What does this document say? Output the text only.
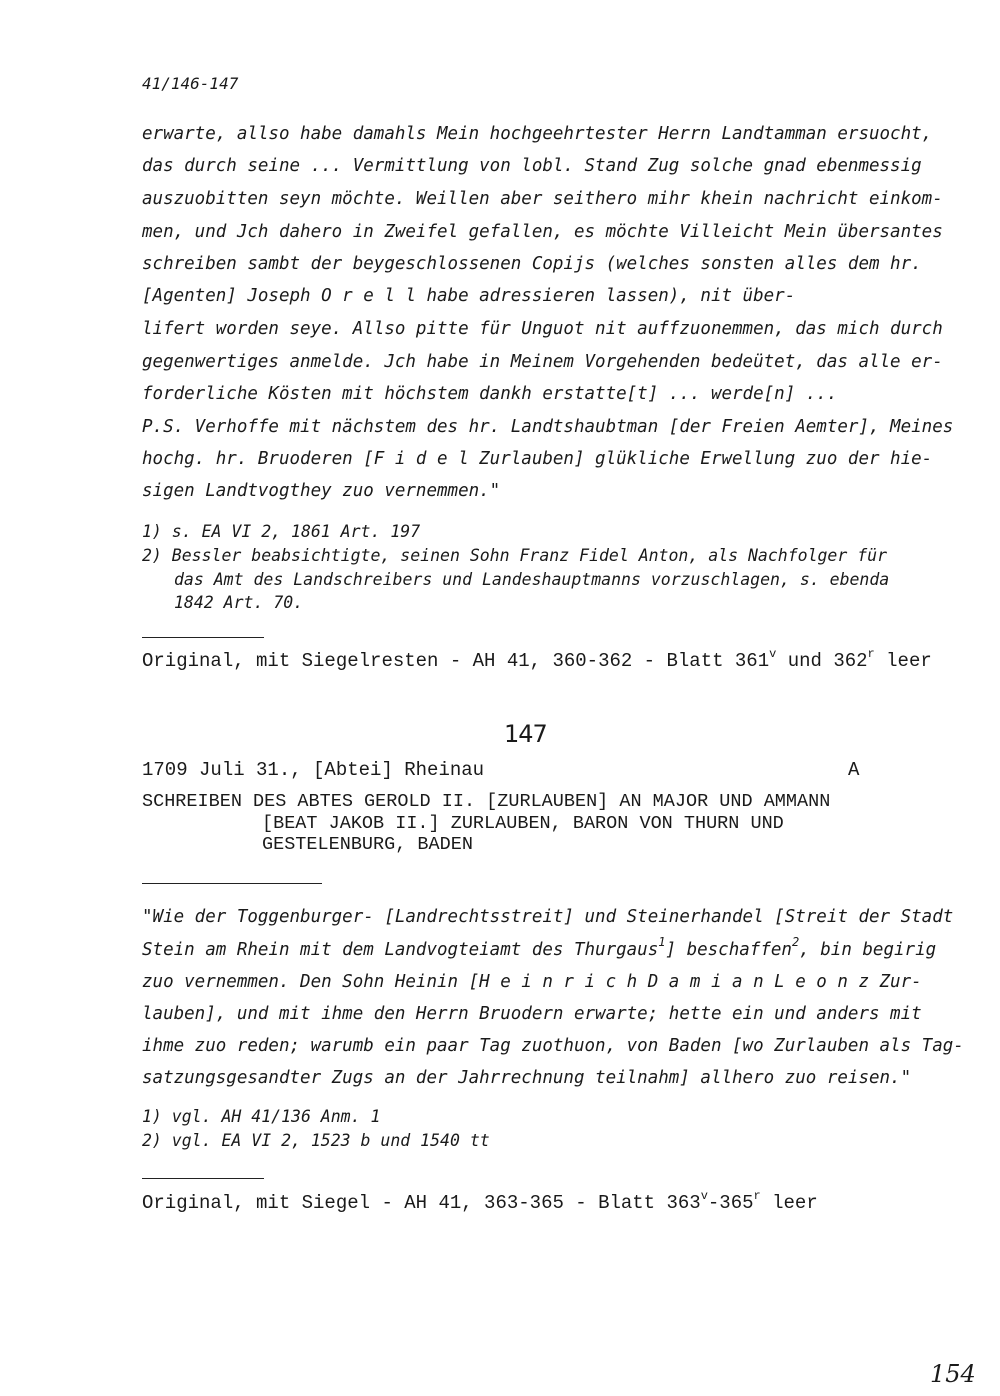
41/146-147
erwarte, allso habe damahls Mein hochgeehrtester Herrn Landtamman ersuocht,
das durch seine ... Vermittlung von lobl. Stand Zug solche gnad ebenmessig
auszuobitten seyn möchte. Weillen aber seithero mihr khein nachricht einkom-
men, und Jch dahero in Zweifel gefallen, es möchte Villeicht Mein übersantes
schreiben sambt der beygeschlossenen Copijs (welches sonsten alles dem hr.
[Agenten] Joseph O r e l l habe adressieren lassen), nit über-
lifert worden seye. Allso pitte für Unguot nit auffzuonemmen, das mich durch
gegenwertiges anmelde. Jch habe in Meinem Vorgehenden bedeütet, das alle er-
forderliche Kösten mit höchstem dankh erstatte[t] ... werde[n] ...
P.S. Verhoffe mit nächstem des hr. Landtshaubtman [der Freien Aemter], Meines
hochg. hr. Bruoderen [F i d e l Zurlauben] glükliche Erwellung zuo der hie-
sigen Landtvogthey zuo vernemmen."
1) s. EA VI 2, 1861 Art. 197
2) Bessler beabsichtigte, seinen Sohn Franz Fidel Anton, als Nachfolger für
das Amt des Landschreibers und Landeshauptmanns vorzuschlagen, s. ebenda
1842 Art. 70.
Original, mit Siegelresten - AH 41, 360-362 - Blatt 361$^v$ und 362$^r$ leer
147
1709 Juli 31., [Abtei] Rheinau	A
SCHREIBEN DES ABTES GEROLD II. [ZURLAUBEN] AN MAJOR UND AMMANN
[BEAT JAKOB II.] ZURLAUBEN, BARON VON THURN UND
GESTELENBURG, BADEN
"Wie der Toggenburger- [Landrechtsstreit] und Steinerhandel [Streit der Stadt
Stein am Rhein mit dem Landvogteiamt des Thurgaus$^1$] beschaffen$^2$, bin begirig
zuo vernemmen. Den Sohn Heinin [H e i n r i c h D a m i a n L e o n z Zur-
lauben], und mit ihme den Herrn Bruodern erwarte; hette ein und anders mit
ihme zuo reden; warumb ein paar Tag zuothuon, von Baden [wo Zurlauben als Tag-
satzungsgesandter Zugs an der Jahrrechnung teilnahm] allhero zuo reisen."
1) vgl. AH 41/136 Anm. 1
2) vgl. EA VI 2, 1523 b und 1540 tt
Original, mit Siegel - AH 41, 363-365 - Blatt 363$^v$-365$^r$ leer
154
